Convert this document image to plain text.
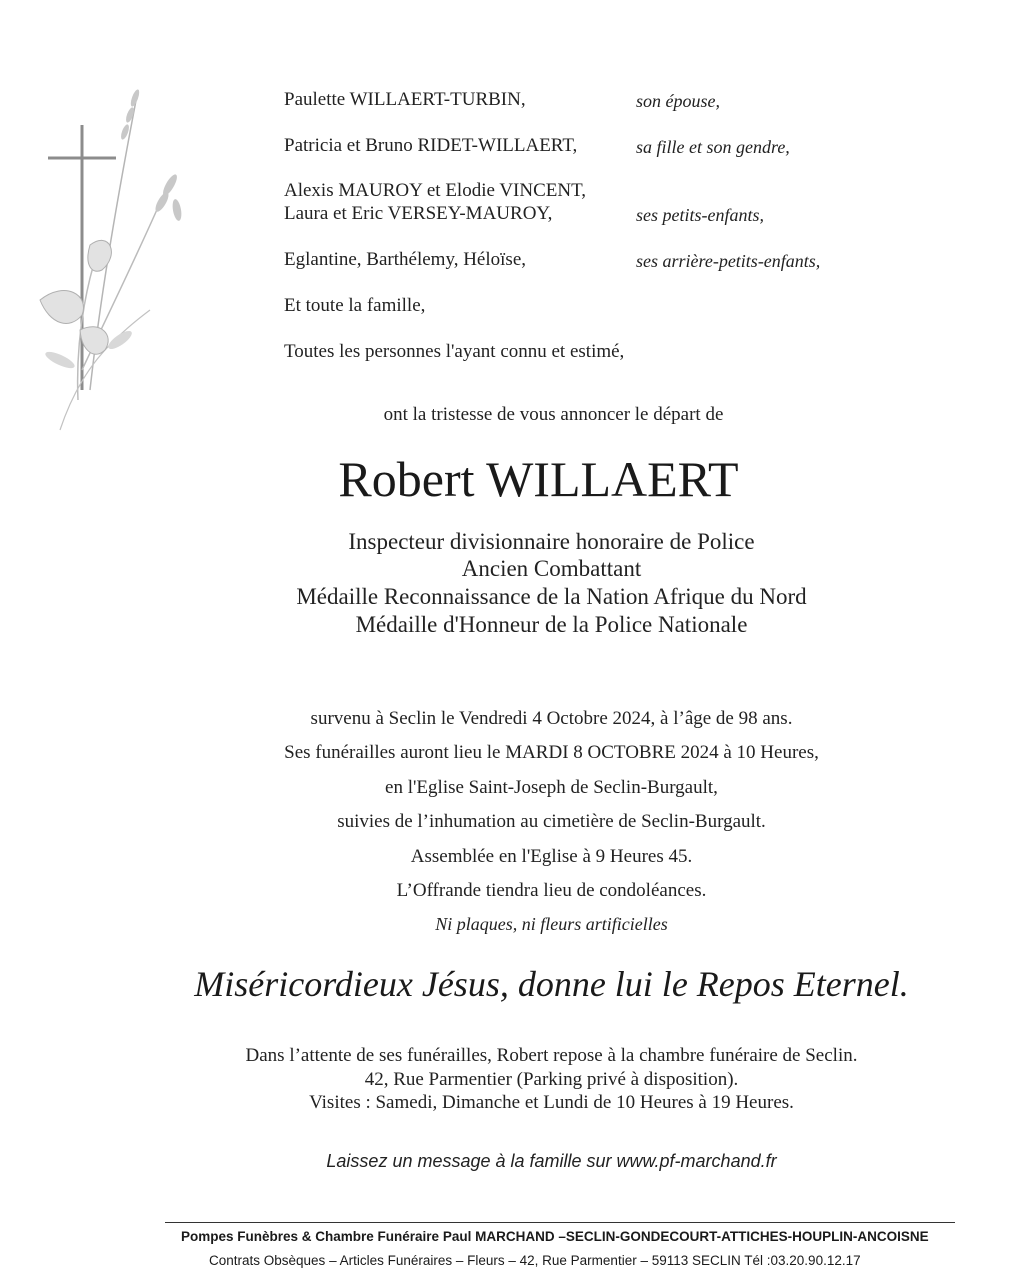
Paulette WILLAERT-TURBIN,	son épouse,
Patricia et Bruno RIDET-WILLAERT,	sa fille et son gendre,
Alexis MAUROY et Elodie VINCENT,
Laura et Eric VERSEY-MAUROY,	ses petits-enfants,
Eglantine, Barthélemy, Héloïse,	ses arrière-petits-enfants,
Et toute la famille,
Toutes les personnes l'ayant connu et estimé,
ont la tristesse de vous annoncer le départ de
Robert WILLAERT
Inspecteur divisionnaire honoraire de Police
Ancien Combattant
Médaille Reconnaissance de la Nation Afrique du Nord
Médaille d'Honneur de la Police Nationale
survenu à Seclin le Vendredi 4 Octobre 2024, à l’âge de 98 ans.
Ses funérailles auront lieu le MARDI 8 OCTOBRE 2024 à 10 Heures,
en l'Eglise Saint-Joseph de Seclin-Burgault,
suivies de l’inhumation au cimetière de Seclin-Burgault.
Assemblée en l'Eglise à 9 Heures 45.
L’Offrande tiendra lieu de condoléances.
Ni plaques, ni fleurs artificielles
Miséricordieux Jésus, donne lui le Repos Eternel.
Dans l’attente de ses funérailles, Robert repose à la chambre funéraire de Seclin.
42, Rue Parmentier (Parking privé à disposition).
Visites : Samedi, Dimanche et Lundi de 10 Heures à 19 Heures.
Laissez un message à la famille sur www.pf-marchand.fr
Pompes Funèbres & Chambre Funéraire Paul MARCHAND –SECLIN-GONDECOURT-ATTICHES-HOUPLIN-ANCOISNE
Contrats Obsèques – Articles Funéraires – Fleurs – 42, Rue Parmentier – 59113 SECLIN Tél :03.20.90.12.17
